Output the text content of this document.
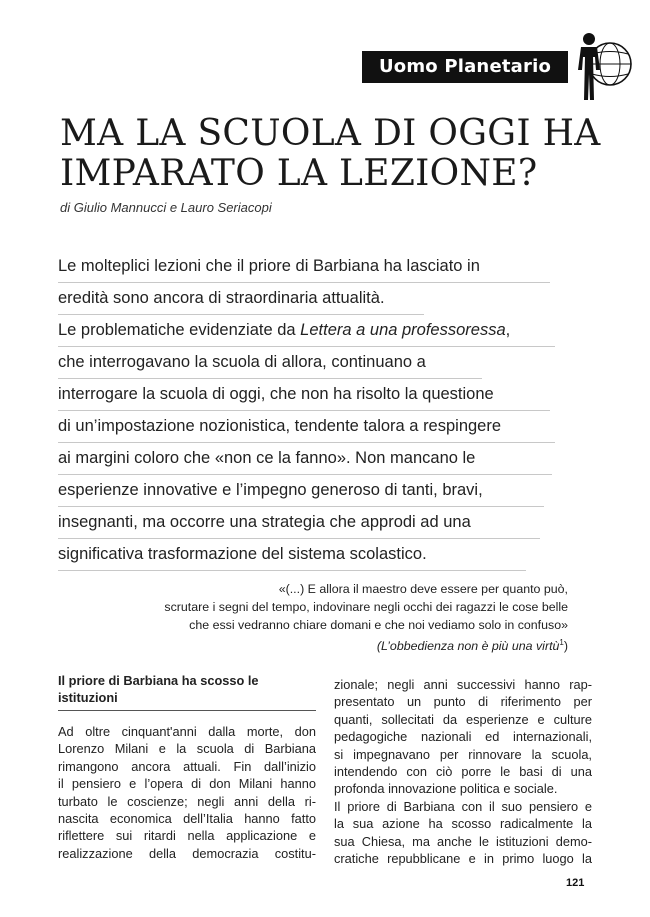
Uomo Planetario
MA LA SCUOLA DI OGGI HA
IMPARATO LA LEZIONE?

di Giulio Mannucci e Lauro Seriacopi

Le molteplici lezioni che il priore di Barbiana ha lasciato in
eredità sono ancora di straordinaria attualità.
Le problematiche evidenziate da Lettera a una professoressa,
che interrogavano la scuola di allora, continuano a
interrogare la scuola di oggi, che non ha risolto la questione
di un’impostazione nozionistica, tendente talora a respingere
ai margini coloro che «non ce la fanno». Non mancano le
esperienze innovative e l’impegno generoso di tanti, bravi,
insegnanti, ma occorre una strategia che approdi ad una
significativa trasformazione del sistema scolastico.
«(...) E allora il maestro deve essere per quanto può,
scrutare i segni del tempo, indovinare negli occhi dei ragazzi le cose belle
che essi vedranno chiare domani e che noi vediamo solo in confuso»
(L’obbedienza non è più una virtù$^1$)
Il priore di Barbiana ha scosso le
istituzioni
Ad oltre cinquant'anni dalla morte, don
Lorenzo Milani e la scuola di Barbiana
rimangono ancora attuali. Fin dall’inizio
il pensiero e l’opera di don Milani hanno
turbato le coscienze; negli anni della ri-
nascita economica dell’Italia hanno fatto
riflettere sui ritardi nella applicazione e
realizzazione della democrazia costitu-
zionale; negli anni successivi hanno rap-
presentato un punto di riferimento per
quanti, sollecitati da esperienze e culture
pedagogiche nazionali ed internazionali,
si impegnavano per rinnovare la scuola,
intendendo con ciò porre le basi di una
profonda innovazione politica e sociale.
Il priore di Barbiana con il suo pensiero e
la sua azione ha scosso radicalmente la
sua Chiesa, ma anche le istituzioni demo-
cratiche repubblicane e in primo luogo la
121
